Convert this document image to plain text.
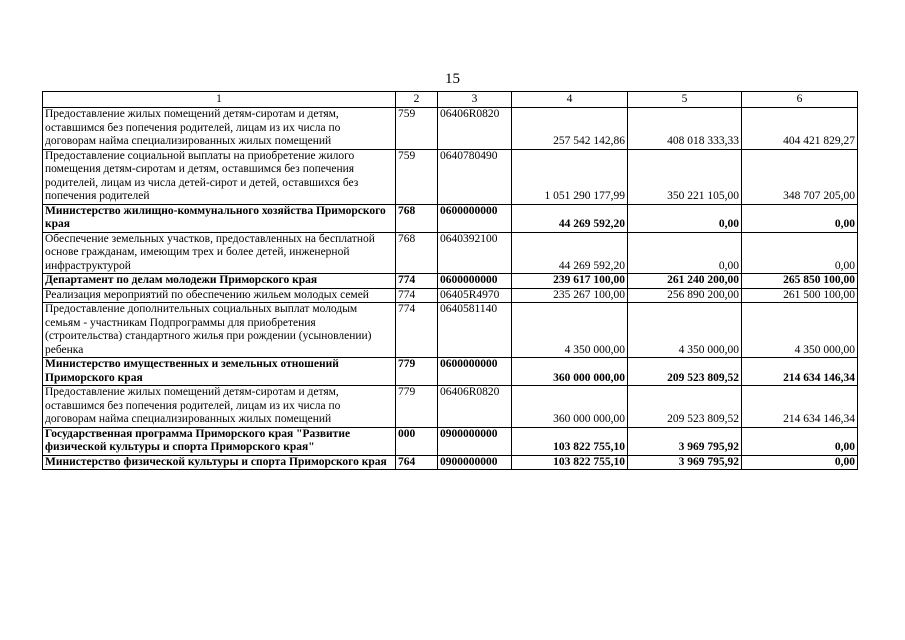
15
1	2	3	4	5	6
Предоставление жилых помещений детям-сиротам и детям, оставшимся без попечения родителей, лицам из их числа по договорам найма специализированных жилых помещений	759	06406R0820	257 542 142,86	408 018 333,33	404 421 829,27
Предоставление социальной выплаты на приобретение жилого помещения детям-сиротам и детям, оставшимся без попечения родителей, лицам из числа детей-сирот и детей, оставшихся без попечения родителей	759	0640780490	1 051 290 177,99	350 221 105,00	348 707 205,00
Министерство жилищно-коммунального хозяйства Приморского края	768	0600000000	44 269 592,20	0,00	0,00
Обеспечение земельных участков, предоставленных на бесплатной основе гражданам, имеющим трех и более детей, инженерной инфраструктурой	768	0640392100	44 269 592,20	0,00	0,00
Департамент по делам молодежи Приморского края	774	0600000000	239 617 100,00	261 240 200,00	265 850 100,00
Реализация мероприятий по обеспечению жильем молодых семей	774	06405R4970	235 267 100,00	256 890 200,00	261 500 100,00
Предоставление дополнительных социальных выплат молодым семьям - участникам Подпрограммы для приобретения (строительства) стандартного жилья при рождении (усыновлении) ребенка	774	0640581140	4 350 000,00	4 350 000,00	4 350 000,00
Министерство имущественных и земельных отношений Приморского края	779	0600000000	360 000 000,00	209 523 809,52	214 634 146,34
Предоставление жилых помещений детям-сиротам и детям, оставшимся без попечения родителей, лицам из их числа по договорам найма специализированных жилых помещений	779	06406R0820	360 000 000,00	209 523 809,52	214 634 146,34
Государственная программа Приморского края "Развитие физической культуры и спорта Приморского края"	000	0900000000	103 822 755,10	3 969 795,92	0,00
Министерство физической культуры и спорта Приморского края	764	0900000000	103 822 755,10	3 969 795,92	0,00
